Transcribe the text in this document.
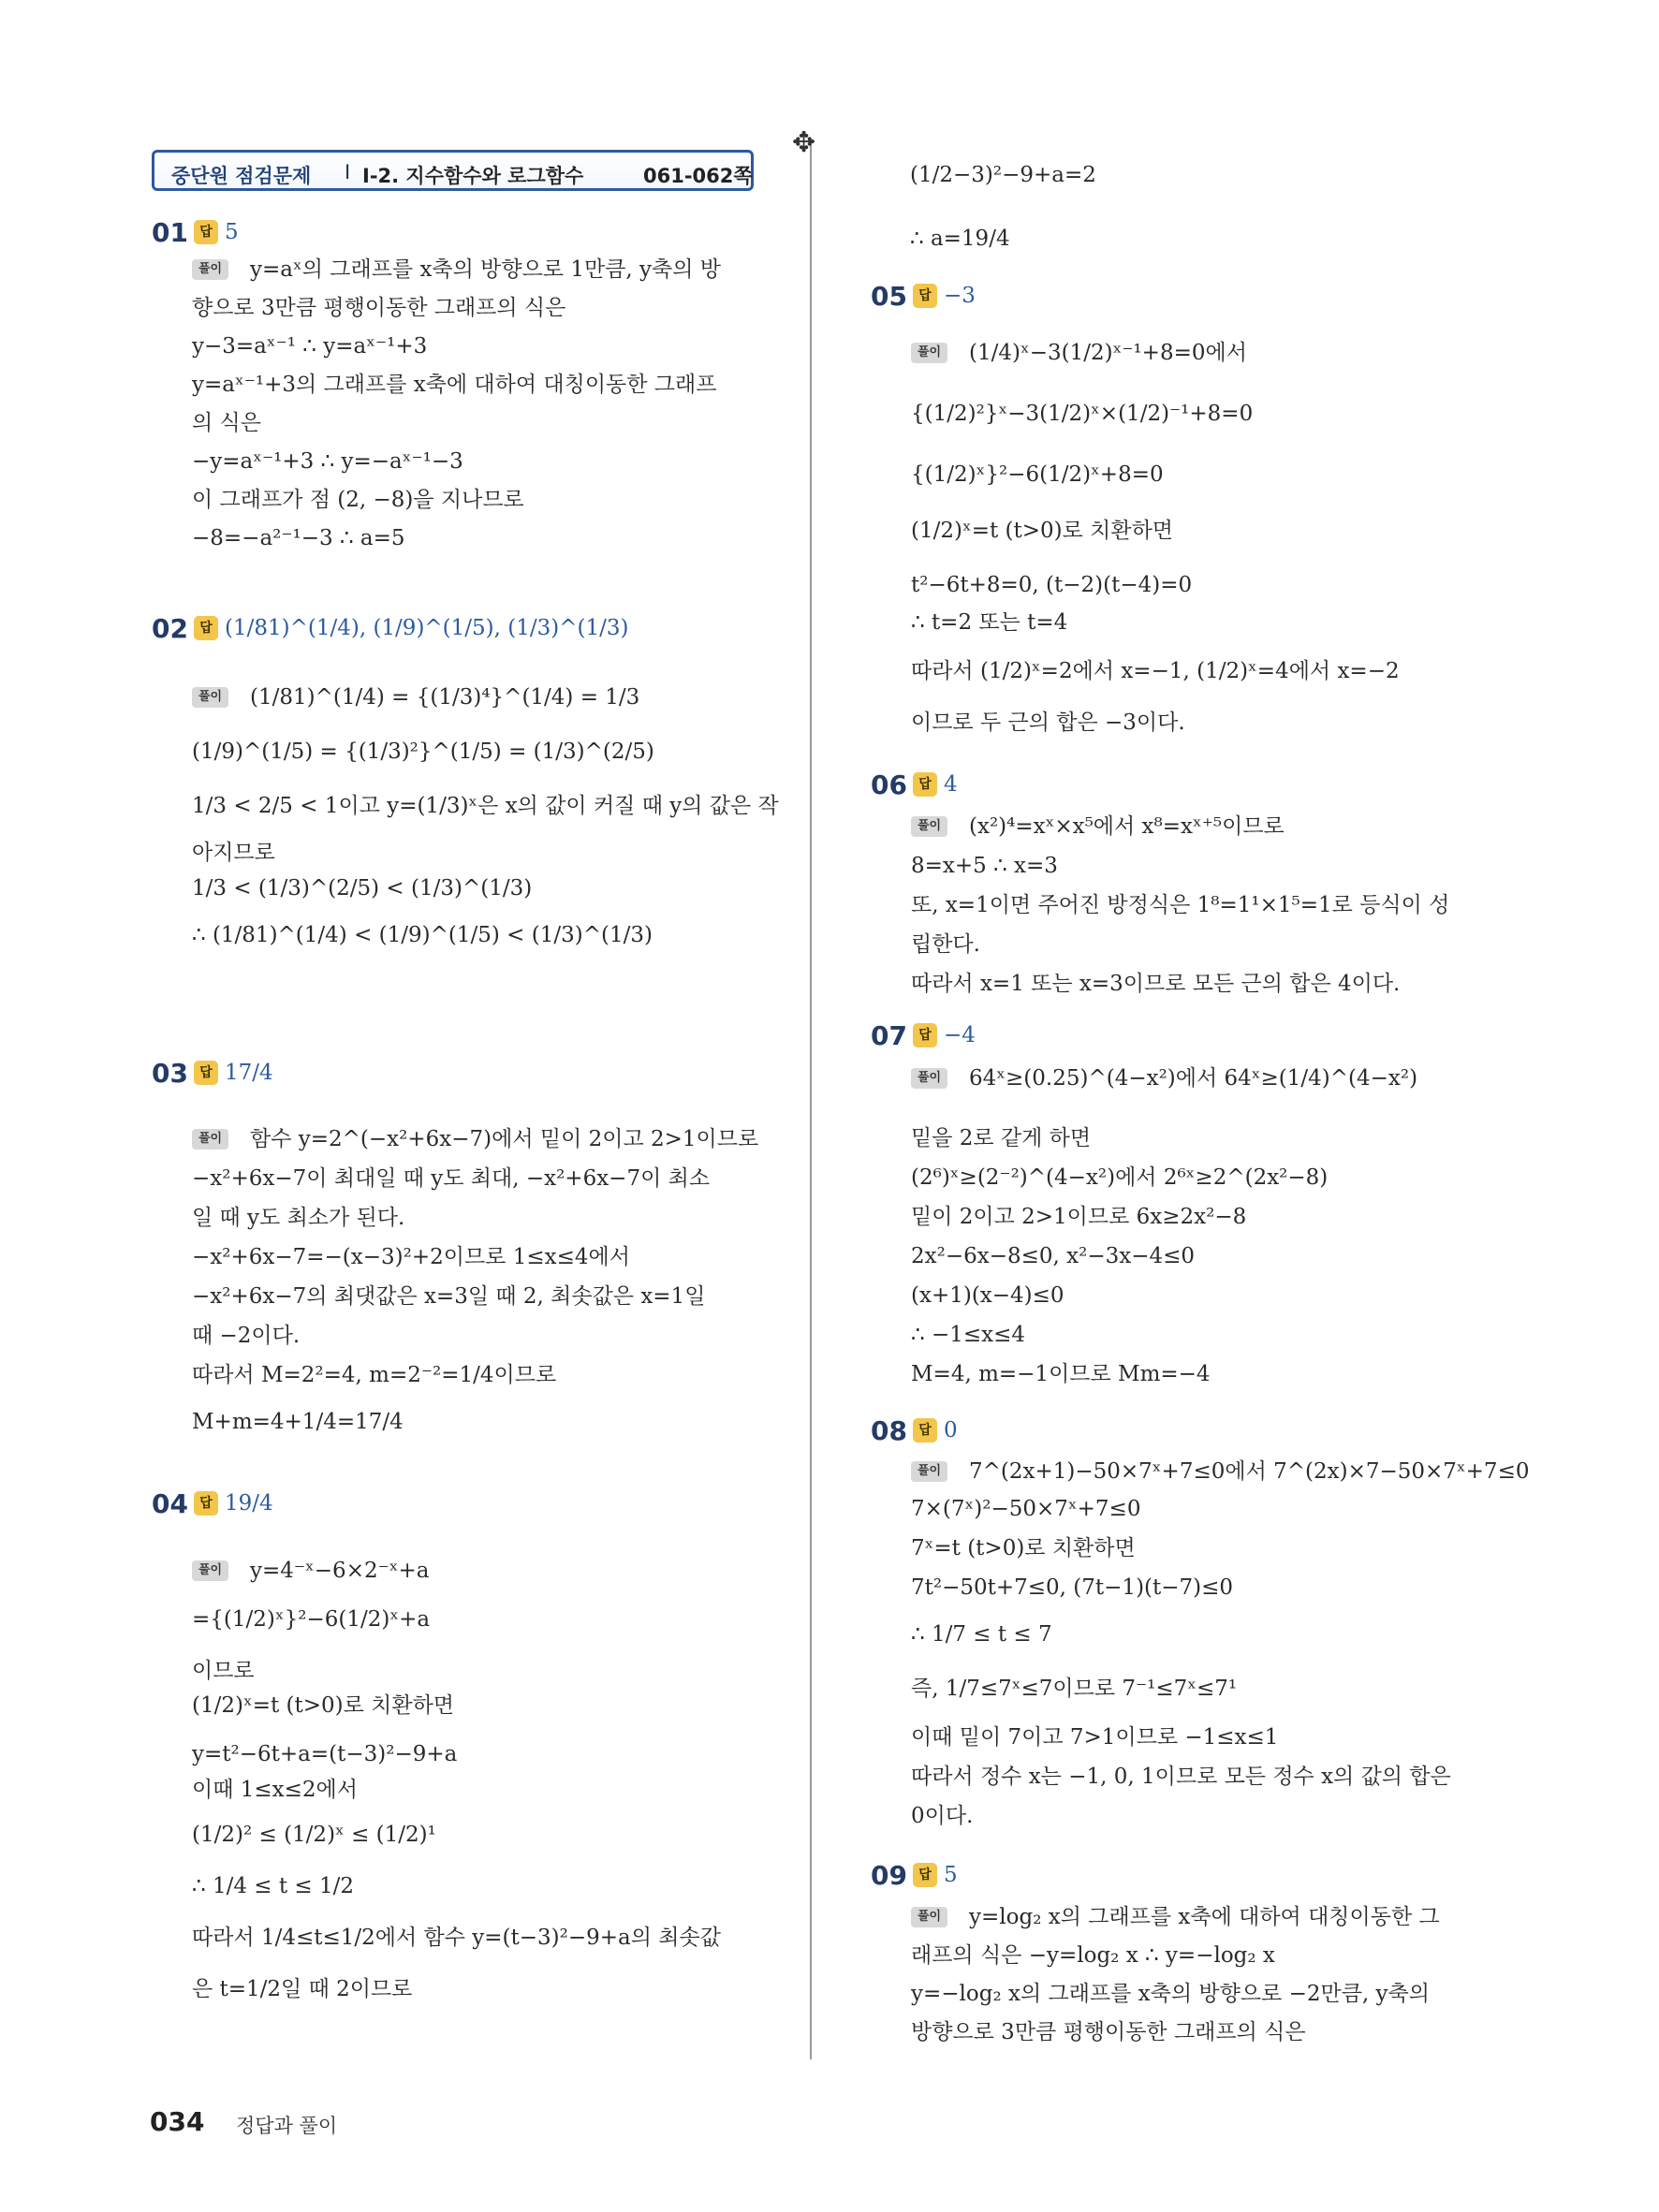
중단원 점검문제 I Ⅰ-2. 지수함수와 로그함수	061-062쪽
✥
01 답 5
풀이	y=aˣ의 그래프를 x축의 방향으로 1만큼, y축의 방
향으로 3만큼 평행이동한 그래프의 식은
y−3=aˣ⁻¹ ∴ y=aˣ⁻¹+3
y=aˣ⁻¹+3의 그래프를 x축에 대하여 대칭이동한 그래프
의 식은
−y=aˣ⁻¹+3 ∴ y=−aˣ⁻¹−3
이 그래프가 점 (2, −8)을 지나므로
−8=−a²⁻¹−3 ∴ a=5
02 답 (1/81)^(1/4), (1/9)^(1/5), (1/3)^(1/3)
풀이	(1/81)^(1/4) = {(1/3)⁴}^(1/4) = 1/3
(1/9)^(1/5) = {(1/3)²}^(1/5) = (1/3)^(2/5)
1/3 < 2/5 < 1이고 y=(1/3)ˣ은 x의 값이 커질 때 y의 값은 작
아지므로
1/3 < (1/3)^(2/5) < (1/3)^(1/3)
∴ (1/81)^(1/4) < (1/9)^(1/5) < (1/3)^(1/3)
03 답 17/4
풀이	함수 y=2^(−x²+6x−7)에서 밑이 2이고 2>1이므로
−x²+6x−7이 최대일 때 y도 최대, −x²+6x−7이 최소
일 때 y도 최소가 된다.
−x²+6x−7=−(x−3)²+2이므로 1≤x≤4에서
−x²+6x−7의 최댓값은 x=3일 때 2, 최솟값은 x=1일
때 −2이다.
따라서 M=2²=4, m=2⁻²=1/4이므로
M+m=4+1/4=17/4
04 답 19/4
풀이	y=4⁻ˣ−6×2⁻ˣ+a
={(1/2)ˣ}²−6(1/2)ˣ+a
이므로
(1/2)ˣ=t (t>0)로 치환하면
y=t²−6t+a=(t−3)²−9+a
이때 1≤x≤2에서
(1/2)² ≤ (1/2)ˣ ≤ (1/2)¹
∴ 1/4 ≤ t ≤ 1/2
따라서 1/4≤t≤1/2에서 함수 y=(t−3)²−9+a의 최솟값
은 t=1/2일 때 2이므로
(1/2−3)²−9+a=2
∴ a=19/4
05 답 −3
풀이	(1/4)ˣ−3(1/2)ˣ⁻¹+8=0에서
{(1/2)²}ˣ−3(1/2)ˣ×(1/2)⁻¹+8=0
{(1/2)ˣ}²−6(1/2)ˣ+8=0
(1/2)ˣ=t (t>0)로 치환하면
t²−6t+8=0, (t−2)(t−4)=0
∴ t=2 또는 t=4
따라서 (1/2)ˣ=2에서 x=−1, (1/2)ˣ=4에서 x=−2
이므로 두 근의 합은 −3이다.
06 답 4
풀이	(x²)⁴=xˣ×x⁵에서 x⁸=xˣ⁺⁵이므로
8=x+5 ∴ x=3
또, x=1이면 주어진 방정식은 1⁸=1¹×1⁵=1로 등식이 성
립한다.
따라서 x=1 또는 x=3이므로 모든 근의 합은 4이다.
07 답 −4
풀이	64ˣ≥(0.25)^(4−x²)에서 64ˣ≥(1/4)^(4−x²)
밑을 2로 같게 하면
(2⁶)ˣ≥(2⁻²)^(4−x²)에서 2⁶ˣ≥2^(2x²−8)
밑이 2이고 2>1이므로 6x≥2x²−8
2x²−6x−8≤0, x²−3x−4≤0
(x+1)(x−4)≤0
∴ −1≤x≤4
M=4, m=−1이므로 Mm=−4
08 답 0
풀이	7^(2x+1)−50×7ˣ+7≤0에서 7^(2x)×7−50×7ˣ+7≤0
7×(7ˣ)²−50×7ˣ+7≤0
7ˣ=t (t>0)로 치환하면
7t²−50t+7≤0, (7t−1)(t−7)≤0
∴ 1/7 ≤ t ≤ 7
즉, 1/7≤7ˣ≤7이므로 7⁻¹≤7ˣ≤7¹
이때 밑이 7이고 7>1이므로 −1≤x≤1
따라서 정수 x는 −1, 0, 1이므로 모든 정수 x의 값의 합은
0이다.
09 답 5
풀이	y=log₂ x의 그래프를 x축에 대하여 대칭이동한 그
래프의 식은 −y=log₂ x ∴ y=−log₂ x
y=−log₂ x의 그래프를 x축의 방향으로 −2만큼, y축의
방향으로 3만큼 평행이동한 그래프의 식은
034 정답과 풀이
